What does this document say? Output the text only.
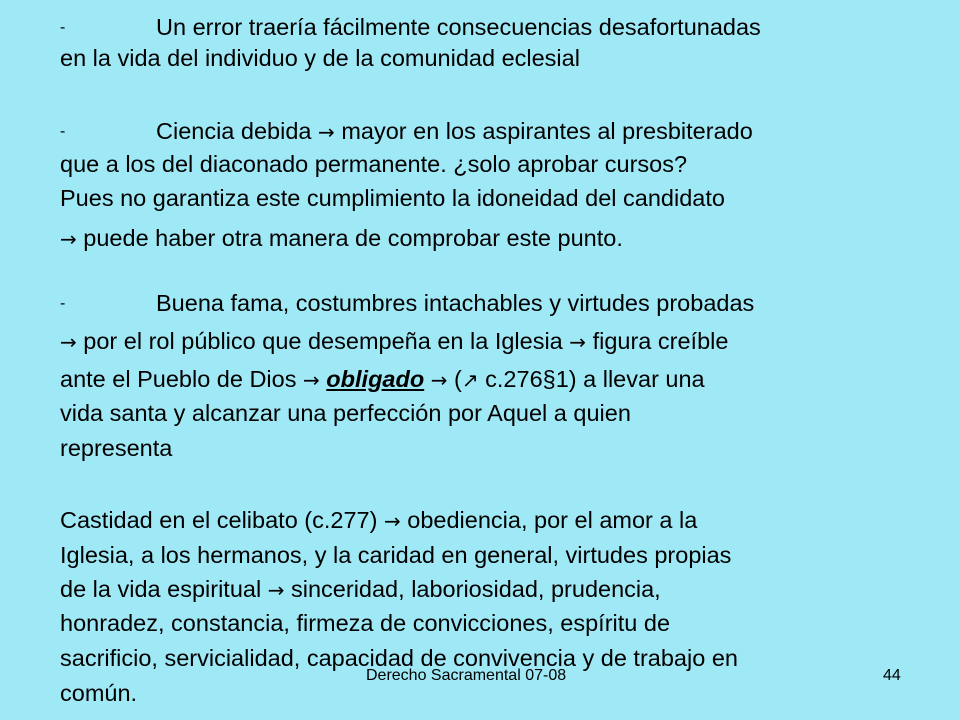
-	Un error traería fácilmente consecuencias desafortunadas
en la vida del individuo y de la comunidad eclesial
-	Ciencia debida → mayor en los aspirantes al presbiterado
que a los del diaconado permanente. ¿solo aprobar cursos?
Pues no garantiza este cumplimiento la idoneidad del candidato
→ puede haber otra manera de comprobar este punto.
-	Buena fama, costumbres intachables y virtudes probadas
→ por el rol público que desempeña en la Iglesia → figura creíble
ante el Pueblo de Dios → obligado → (↗ c.276§1) a llevar una
vida santa y alcanzar una perfección por Aquel a quien
representa
Castidad en el celibato (c.277) → obediencia, por el amor a la
Iglesia, a los hermanos, y la caridad en general, virtudes propias
de la vida espiritual → sinceridad, laboriosidad, prudencia,
honradez, constancia, firmeza de convicciones, espíritu de
sacrificio, servicialidad, capacidad de convivencia y de trabajo en
común.
Derecho Sacramental 07-08	44
